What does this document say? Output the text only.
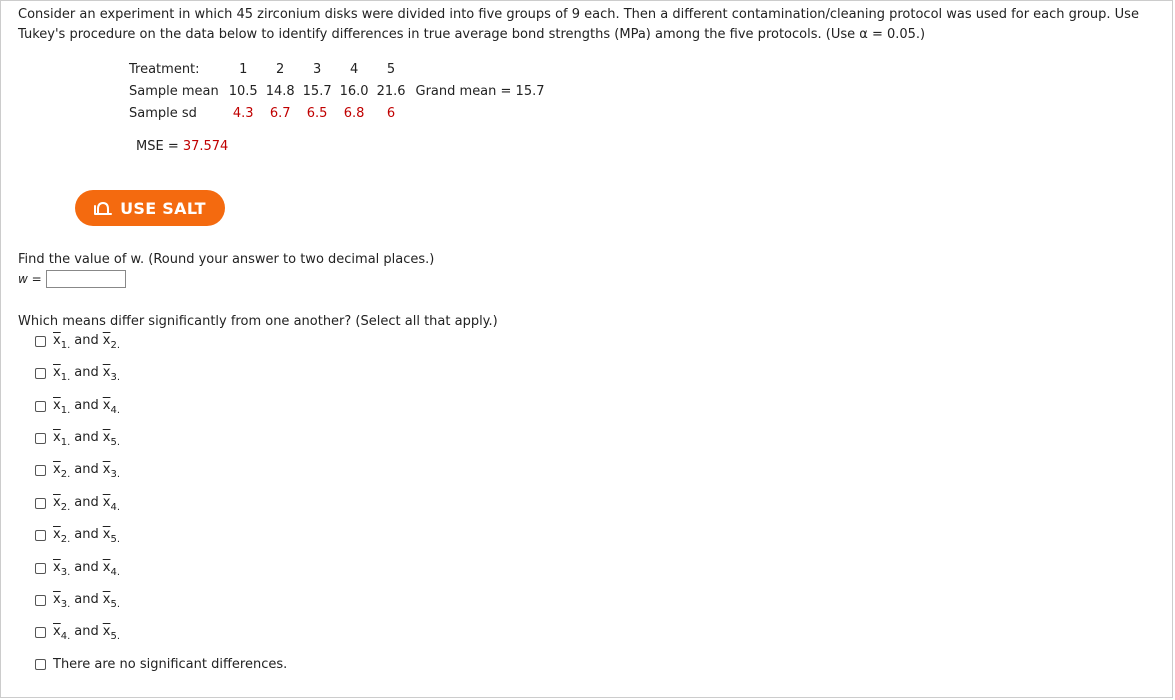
Consider an experiment in which 45 zirconium disks were divided into five groups of 9 each. Then a different contamination/cleaning protocol was used for each group. Use Tukey's procedure on the data below to identify differences in true average bond strengths (MPa) among the five protocols. (Use α = 0.05.)

Treatment:	1	2	3	4	5	
Sample mean	10.5	14.8	15.7	16.0	21.6	Grand mean = 15.7
Sample sd	4.3	6.7	6.5	6.8	6	
MSE = 37.574
USE SALT
Find the value of w. (Round your answer to two decimal places.)
w =
Which means differ significantly from one another? (Select all that apply.)
$\overline{x}_{1.}$ and $\overline{x}_{2.}$
$\overline{x}_{1.}$ and $\overline{x}_{3.}$
$\overline{x}_{1.}$ and $\overline{x}_{4.}$
$\overline{x}_{1.}$ and $\overline{x}_{5.}$
$\overline{x}_{2.}$ and $\overline{x}_{3.}$
$\overline{x}_{2.}$ and $\overline{x}_{4.}$
$\overline{x}_{2.}$ and $\overline{x}_{5.}$
$\overline{x}_{3.}$ and $\overline{x}_{4.}$
$\overline{x}_{3.}$ and $\overline{x}_{5.}$
$\overline{x}_{4.}$ and $\overline{x}_{5.}$
There are no significant differences.
